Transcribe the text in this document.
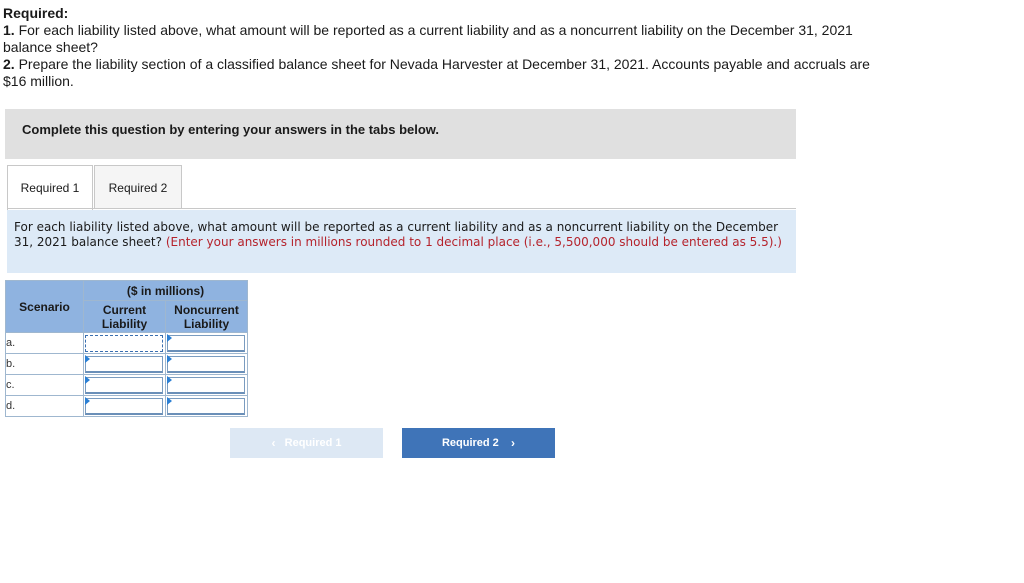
Required:

1. For each liability listed above, what amount will be reported as a current liability and as a noncurrent liability on the December 31, 2021 balance sheet?

2. Prepare the liability section of a classified balance sheet for Nevada Harvester at December 31, 2021. Accounts payable and accruals are $16 million.

Complete this question by entering your answers in the tabs below.
Required 1	Required 2
For each liability listed above, what amount will be reported as a current liability and as a noncurrent liability on the December 31, 2021 balance sheet? (Enter your answers in millions rounded to 1 decimal place (i.e., 5,500,000 should be entered as 5.5).)
Scenario	($ in millions)	
	Current Liability	Noncurrent Liability
a.	

b.	

c.	

d.	

‹
Required 1	Required 2
›
